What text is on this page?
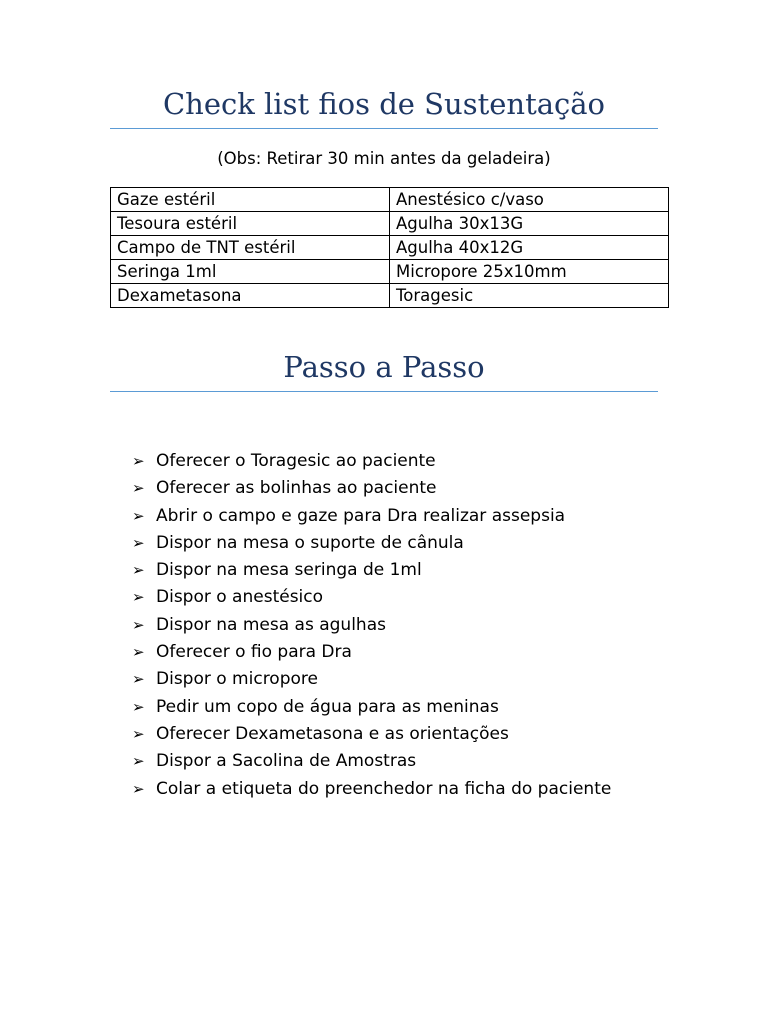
Check list fios de Sustentação
(Obs: Retirar 30 min antes da geladeira)
Gaze estéril	Anestésico c/vaso
Tesoura estéril	Agulha 30x13G
Campo de TNT estéril	Agulha 40x12G
Seringa 1ml	Micropore 25x10mm
Dexametasona	Toragesic
Passo a Passo
➢ Oferecer o Toragesic ao paciente
➢ Oferecer as bolinhas ao paciente
➢ Abrir o campo e gaze para Dra realizar assepsia
➢ Dispor na mesa o suporte de cânula
➢ Dispor na mesa seringa de 1ml
➢ Dispor o anestésico
➢ Dispor na mesa as agulhas
➢ Oferecer o fio para Dra
➢ Dispor o micropore
➢ Pedir um copo de água para as meninas
➢ Oferecer Dexametasona e as orientações
➢ Dispor a Sacolina de Amostras
➢ Colar a etiqueta do preenchedor na ficha do paciente
